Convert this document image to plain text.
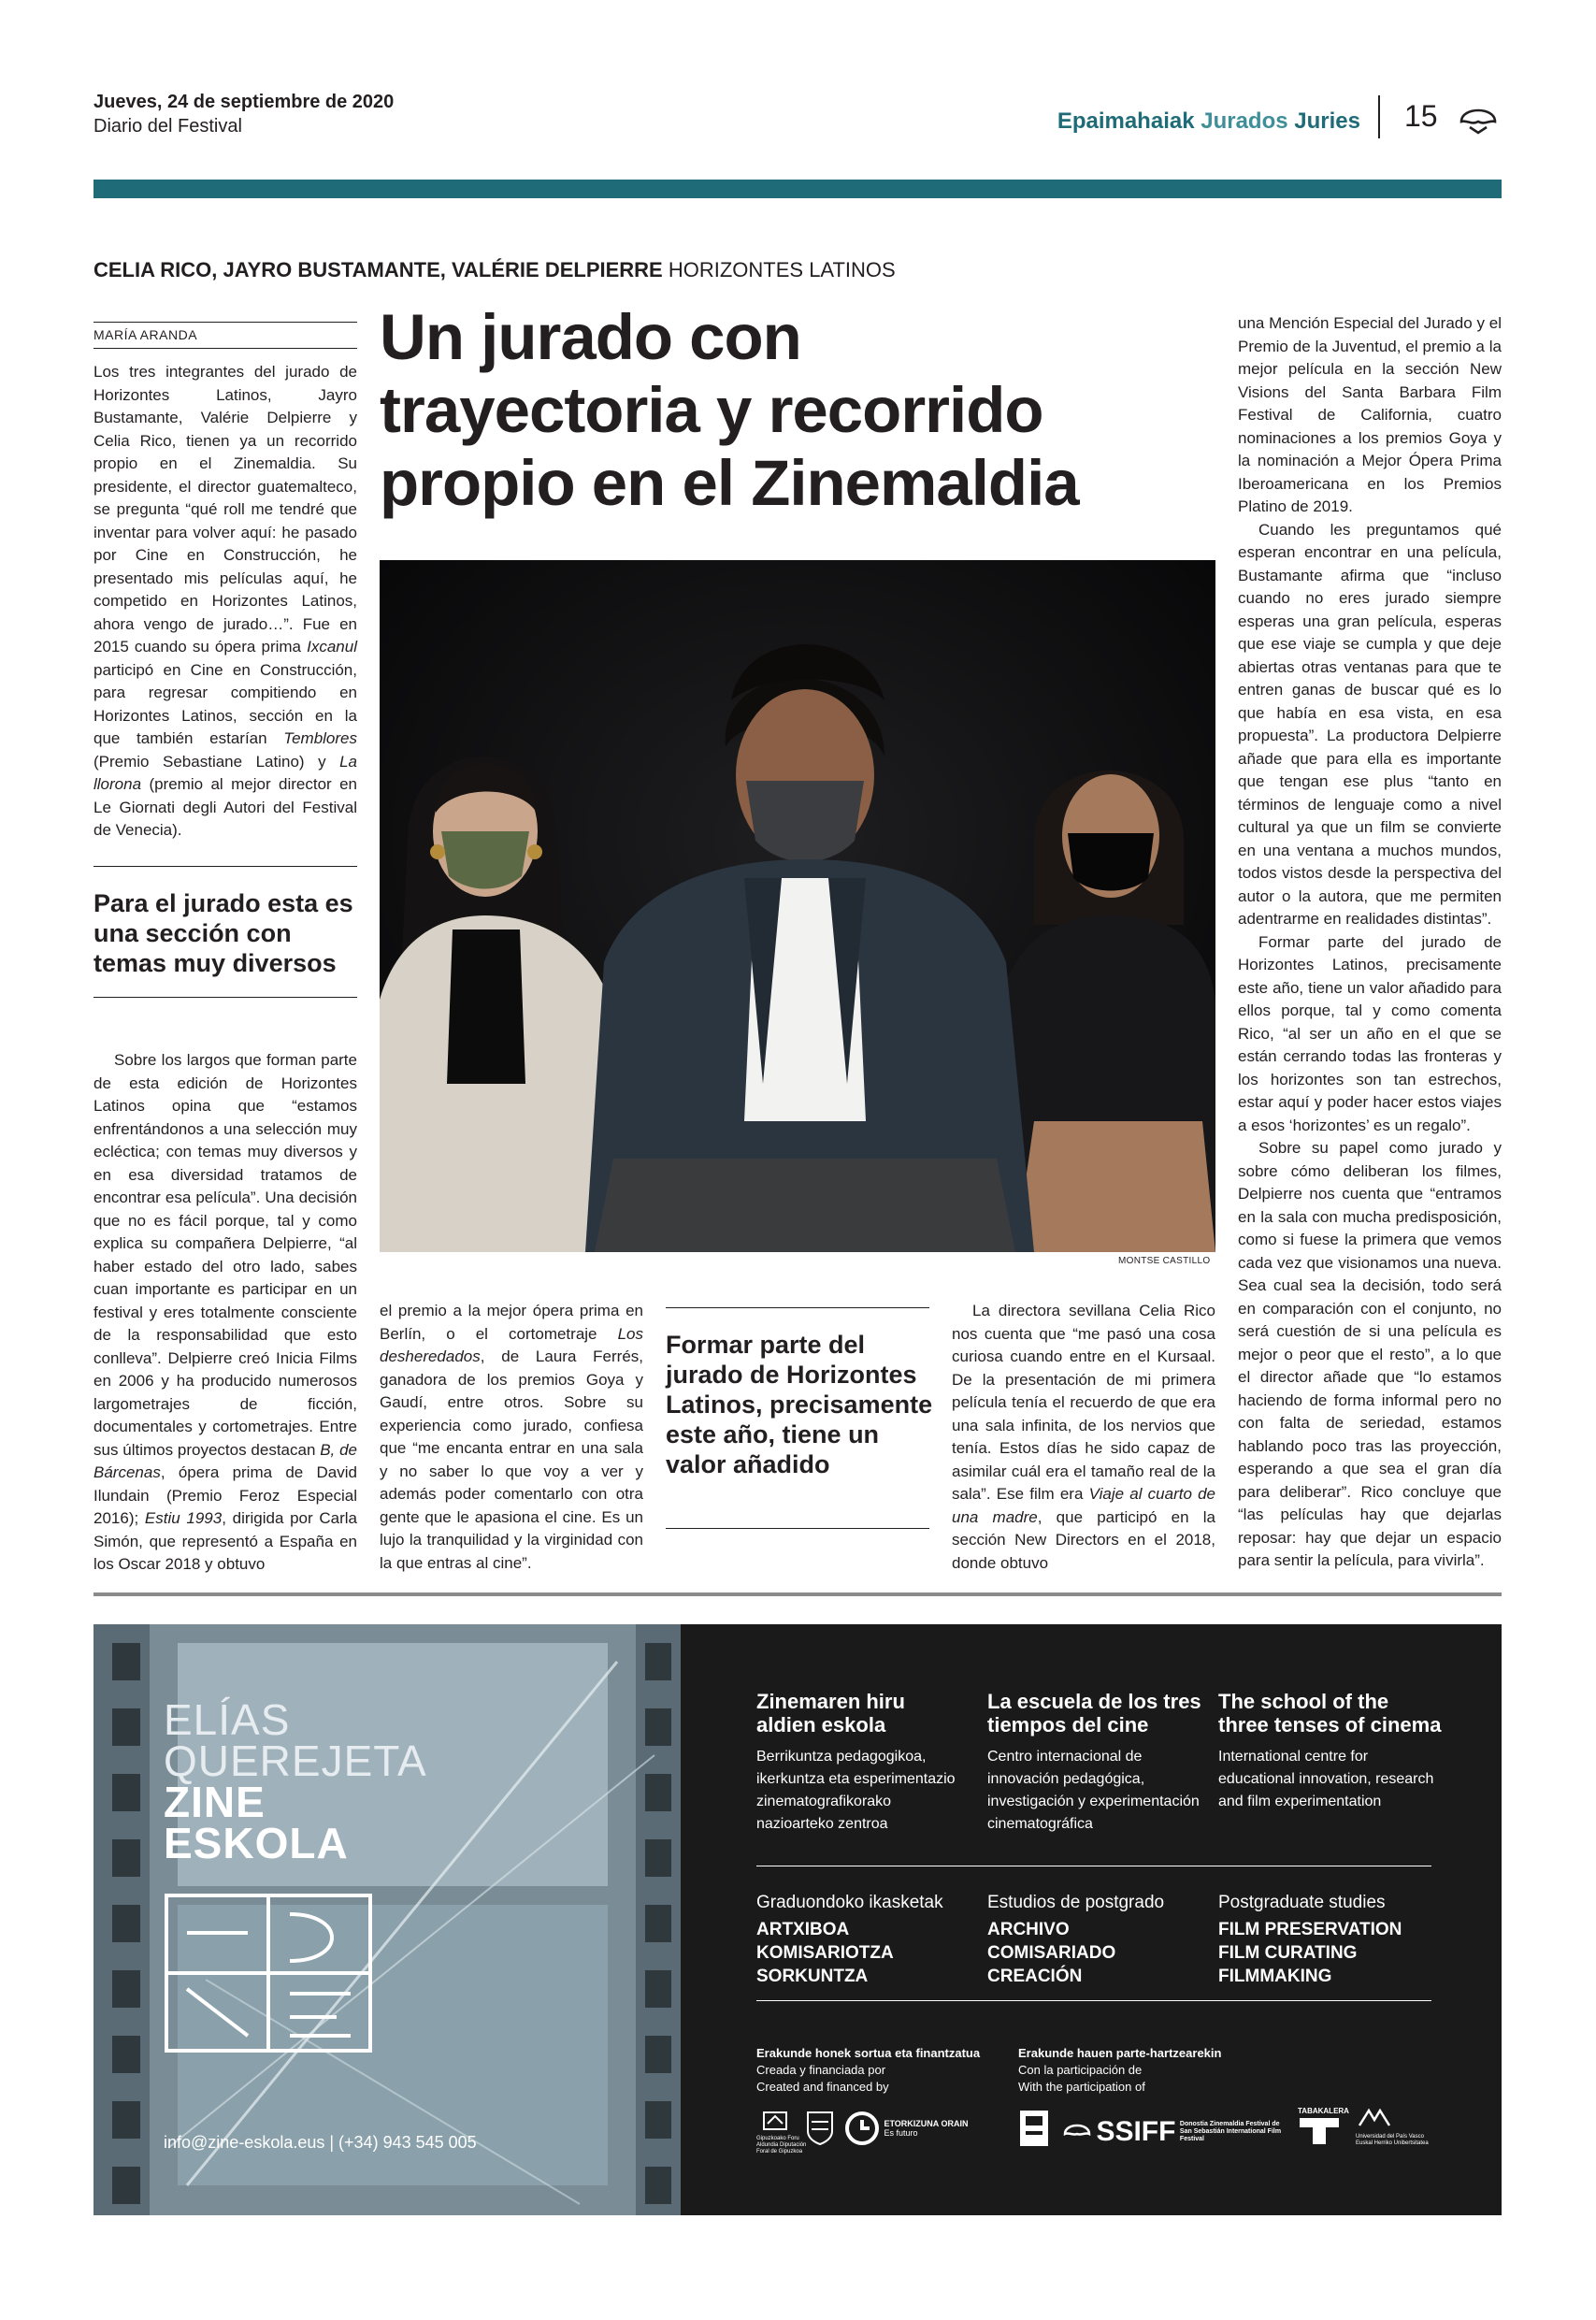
Jueves, 24 de septiembre de 2020
Diario del Festival	Epaimahaiak Jurados Juries 15
CELIA RICO, JAYRO BUSTAMANTE, VALÉRIE DELPIERRE HORIZONTES LATINOS
MARÍA ARANDA

Los tres integrantes del jurado de Horizontes Latinos, Jayro Bustamante, Valérie Delpierre y Celia Rico, tienen ya un recorrido propio en el Zinemaldia. Su presidente, el director guatemalteco, se pregunta “qué roll me tendré que inventar para volver aquí: he pasado por Cine en Construcción, he presentado mis películas aquí, he competido en Horizontes Latinos, ahora vengo de jurado…”. Fue en 2015 cuando su ópera prima Ixcanul participó en Cine en Construcción, para regresar compitiendo en Horizontes Latinos, sección en la que también estarían Temblores (Premio Sebastiane Latino) y La llorona (premio al mejor director en Le Giornati degli Autori del Festival de Venecia).

Para el jurado esta es una sección con temas muy diversos

Sobre los largos que forman parte de esta edición de Horizontes Latinos opina que “estamos enfrentándonos a una selección muy ecléctica; con temas muy diversos y en esa diversidad tratamos de encontrar esa película”. Una decisión que no es fácil porque, tal y como explica su compañera Delpierre, “al haber estado del otro lado, sabes cuan importante es participar en un festival y eres totalmente consciente de la responsabilidad que esto conlleva”. Delpierre creó Inicia Films en 2006 y ha producido numerosos largometrajes de ficción, documentales y cortometrajes. Entre sus últimos proyectos destacan B, de Bárcenas, ópera prima de David Ilundain (Premio Feroz Especial 2016); Estiu 1993, dirigida por Carla Simón, que representó a España en los Oscar 2018 y obtuvo

Un jurado con
trayectoria y recorrido
propio en el Zinemaldia
MONTSE CASTILLO

el premio a la mejor ópera prima en Berlín, o el cortometraje Los desheredados, de Laura Ferrés, ganadora de los premios Goya y Gaudí, entre otros. Sobre su experiencia como jurado, confiesa que “me encanta entrar en una sala y no saber lo que voy a ver y además poder comentarlo con otra gente que le apasiona el cine. Es un lujo la tranquilidad y la virginidad con la que entras al cine”.

Formar parte del jurado de Horizontes Latinos, precisamente este año, tiene un valor añadido

La directora sevillana Celia Rico nos cuenta que “me pasó una cosa curiosa cuando entre en el Kursaal. De la presentación de mi primera película tenía el recuerdo de que era una sala infinita, de los nervios que tenía. Estos días he sido capaz de asimilar cuál era el tamaño real de la sala”. Ese film era Viaje al cuarto de una madre, que participó en la sección New Directors en el 2018, donde obtuvo

una Mención Especial del Jurado y el Premio de la Juventud, el premio a la mejor película en la sección New Visions del Santa Barbara Film Festival de California, cuatro nominaciones a los premios Goya y la nominación a Mejor Ópera Prima Iberoamericana en los Premios Platino de 2019.

Cuando les preguntamos qué esperan encontrar en una película, Bustamante afirma que “incluso cuando no eres jurado siempre esperas una gran película, esperas que ese viaje se cumpla y que deje abiertas otras ventanas para que te entren ganas de buscar qué es lo que había en esa vista, en esa propuesta”. La productora Delpierre añade que para ella es importante que tengan ese plus “tanto en términos de lenguaje como a nivel cultural ya que un film se convierte en una ventana a muchos mundos, todos vistos desde la perspectiva del autor o la autora, que me permiten adentrarme en realidades distintas”.

Formar parte del jurado de Horizontes Latinos, precisamente este año, tiene un valor añadido para ellos porque, tal y como comenta Rico, “al ser un año en el que se están cerrando todas las fronteras y los horizontes son tan estrechos, estar aquí y poder hacer estos viajes a esos ‘horizontes’ es un regalo”.

Sobre su papel como jurado y sobre cómo deliberan los filmes, Delpierre nos cuenta que “entramos en la sala con mucha predisposición, como si fuese la primera que vemos cada vez que visionamos una nueva. Sea cual sea la decisión, todo será en comparación con el conjunto, no será cuestión de si una película es mejor o peor que el resto”, a lo que el director añade que “lo estamos haciendo de forma informal pero no con falta de seriedad, estamos hablando poco tras las proyección, esperando a que sea el gran día para deliberar”. Rico concluye que “las películas hay que dejarlas reposar: hay que dejar un espacio para sentir la película, para vivirla”.

ELÍAS
QUEREJETA
ZINE
ESKOLA
info@zine-eskola.eus | (+34) 943 545 005
Zinemaren hiru aldien eskola
Berrikuntza pedagogikoa, ikerkuntza eta esperimentazio zinematografikorako nazioarteko zentroa
La escuela de los tres tiempos del cine
Centro internacional de innovación pedagógica, investigación y experimentación cinematográfica
The school of the three tenses of cinema
International centre for educational innovation, research and film experimentation
Graduondoko ikasketak
ARTXIBOA
KOMISARIOTZA
SORKUNTZA
Estudios de postgrado
ARCHIVO
COMISARIADO
CREACIÓN
Postgraduate studies
FILM PRESERVATION
FILM CURATING
FILMMAKING
Erakunde honek sortua eta finantzatua
Creada y financiada por
Created and financed by
Erakunde hauen parte-hartzearekin
Con la participación de
With the participation of
Gipuzkoako Foru Aldundia Diputación Foral de Gipuzkoa
ETORKIZUNA ORAIN
Es futuro	SSIFF Donostia Zinemaldia Festival de San Sebastián International Film Festival
TABAKALERA
Universidad del País Vasco Euskal Herriko Unibertsitatea
